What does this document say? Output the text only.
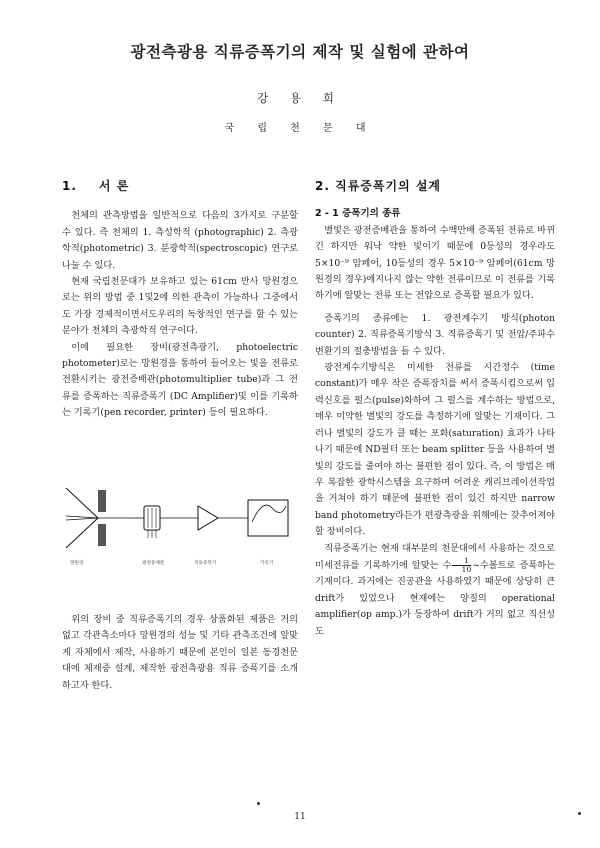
광전측광용 직류증폭기의 제작 및 실험에 관하여
강 용 희
국 립 천 문 대
1. 서 론

천체의 관측방법을 일반적으로 다음의 3가지로 구분할 수 있다. 즉 천체의 1. 측성학적 (photographic) 2. 측광학적(photometric) 3. 분광학적(spectroscopic) 연구로 나눌 수 있다.

현재 국립천문대가 보유하고 있는 61cm 반사 망원경으로는 위의 방법 중 1및2에 의한 관측이 가능하나 그중에서도 가장 경제적이면서도우리의 독창적인 연구를 할 수 있는 분야가 천체의 측광학적 연구이다.

이에 필요한 장비(광전측광기, photoelectric photometer)로는 망원경을 통하여 들어오는 빛을 전류로 전환시키는 광전증배관(photomultiplier tube)과 그 전류를 증폭하는 직류증폭기 (DC Amplifier)및 이를 기록하는 기록기(pen recorder, printer) 등이 필요하다.

망원경	광전증배관	직류증폭기	기록기

위의 장비 중 직류증폭기의 경우 상품화된 제품은 거의 없고 각관측소마다 망원경의 성능 및 기타 관측조건에 알맞게 자체에서 제작, 사용하기 때문에 본인이 일본 동경천문대에 체재중 설계, 제작한 광전측광용 직류 증폭기를 소개하고자 한다.

2. 직류증폭기의 설계
2 - 1 증폭기의 종류

별빛은 광전증배관을 통하여 수백만배 증폭된 전류로 바뀌긴 하지만 워낙 약한 빛이기 때문에 0등성의 경우라도 5×10⁻⁹ 암페어, 10등성의 경우 5×10⁻⁹ 암페어(61cm 망원경의 경우)에지나지 않는 약한 전류이므로 이 전류를 기록하기에 알맞는 전류 또는 전압으로 증폭할 필요가 있다.

증폭기의 종류에는 1. 광전계수기 방식(photon counter) 2. 직류증폭기방식 3. 직류증폭기 및 전압/주파수 변환기의 절충방법을 들 수 있다.

광전계수기방식은 미세한 전류를 시간정수 (time constant)가 매우 작은 증폭장치를 써서 증폭시킴으로써 입력신호를 펄스(pulse)화하여 그 펄스를 계수하는 방법으로, 매우 미약한 별빛의 강도를 측정하기에 알맞는 기재이다. 그러나 별빛의 강도가 클 때는 포화(saturation) 효과가 나타나기 때문에 ND필터 또는 beam splitter 등을 사용하여 별빛의 강도를 줄여야 하는 불편한 점이 있다. 즉, 이 방법은 매우 복잡한 광학시스템을 요구하며 어려운 캐리브레이션작업을 거쳐야 하기 때문에 불편한 점이 있긴 하지만 narrow band photometry라든가 편광측광을 위해에는 갖추어져야할 장비이다.

직류증폭기는 현재 대부분의 천문대에서 사용하는 것으로 미세전류를 기록하기에 알맞는 수 $\frac{1}{10}$ ~수볼트로 증폭하는 기재이다. 과거에는 진공관을 사용하였기 때문에 상당히 큰 drift가 있었으나 현재에는 양질의 operational amplifier(op amp.)가 등장하여 drift가 거의 없고 직선성도

11
